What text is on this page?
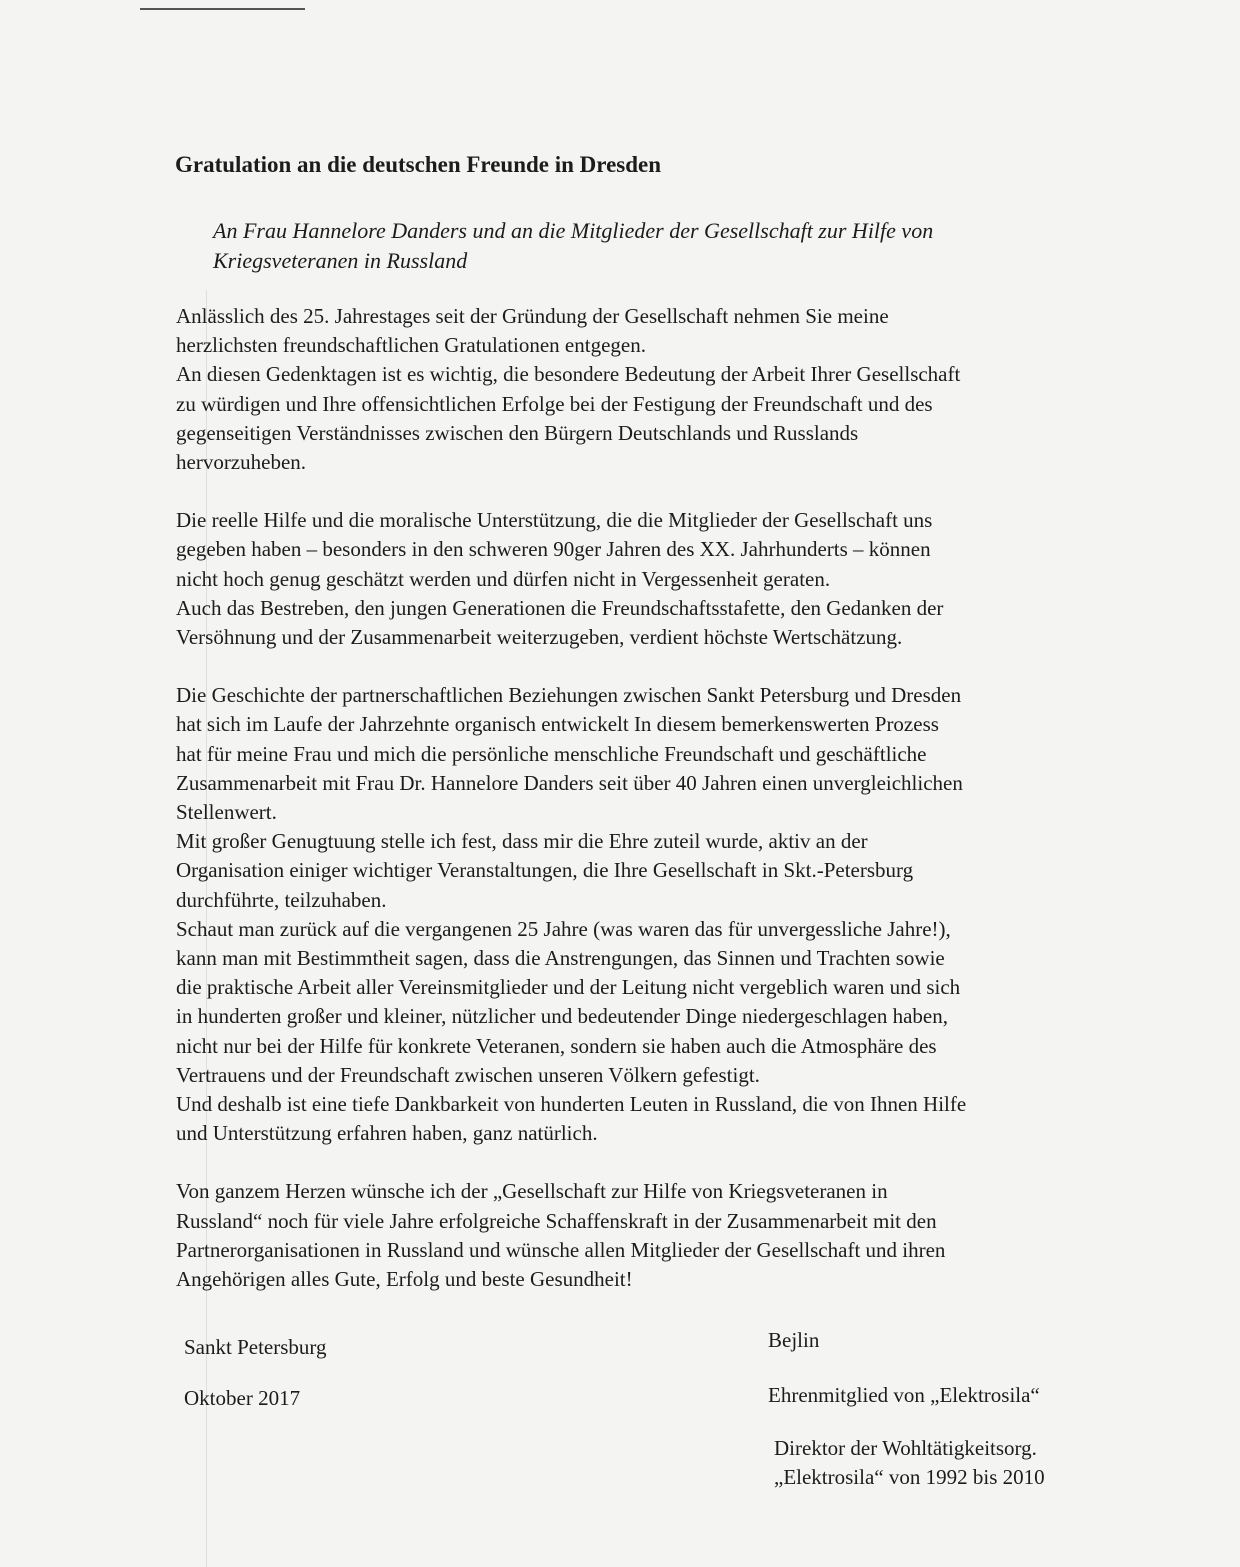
Gratulation an die deutschen Freunde in Dresden
An Frau Hannelore Danders und an die Mitglieder der Gesellschaft zur Hilfe von
Kriegsveteranen in Russland

Anlässlich des 25. Jahrestages seit der Gründung der Gesellschaft nehmen Sie meine
herzlichsten freundschaftlichen Gratulationen entgegen.
An diesen Gedenktagen ist es wichtig, die besondere Bedeutung der Arbeit Ihrer Gesellschaft
zu würdigen und Ihre offensichtlichen Erfolge bei der Festigung der Freundschaft und des
gegenseitigen Verständnisses zwischen den Bürgern Deutschlands und Russlands
hervorzuheben.

Die reelle Hilfe und die moralische Unterstützung, die die Mitglieder der Gesellschaft uns
gegeben haben – besonders in den schweren 90ger Jahren des XX. Jahrhunderts – können
nicht hoch genug geschätzt werden und dürfen nicht in Vergessenheit geraten.
Auch das Bestreben, den jungen Generationen die Freundschaftsstafette, den Gedanken der
Versöhnung und der Zusammenarbeit weiterzugeben, verdient höchste Wertschätzung.

Die Geschichte der partnerschaftlichen Beziehungen zwischen Sankt Petersburg und Dresden
hat sich im Laufe der Jahrzehnte organisch entwickelt In diesem bemerkenswerten Prozess
hat für meine Frau und mich die persönliche menschliche Freundschaft und geschäftliche
Zusammenarbeit mit Frau Dr. Hannelore Danders seit über 40 Jahren einen unvergleichlichen
Stellenwert.
Mit großer Genugtuung stelle ich fest, dass mir die Ehre zuteil wurde, aktiv an der
Organisation einiger wichtiger Veranstaltungen, die Ihre Gesellschaft in Skt.-Petersburg
durchführte, teilzuhaben.
Schaut man zurück auf die vergangenen 25 Jahre (was waren das für unvergessliche Jahre!),
kann man mit Bestimmtheit sagen, dass die Anstrengungen, das Sinnen und Trachten sowie
die praktische Arbeit aller Vereinsmitglieder und der Leitung nicht vergeblich waren und sich
in hunderten großer und kleiner, nützlicher und bedeutender Dinge niedergeschlagen haben,
nicht nur bei der Hilfe für konkrete Veteranen, sondern sie haben auch die Atmosphäre des
Vertrauens und der Freundschaft zwischen unseren Völkern gefestigt.
Und deshalb ist eine tiefe Dankbarkeit von hunderten Leuten in Russland, die von Ihnen Hilfe
und Unterstützung erfahren haben, ganz natürlich.

Von ganzem Herzen wünsche ich der „Gesellschaft zur Hilfe von Kriegsveteranen in
Russland“ noch für viele Jahre erfolgreiche Schaffenskraft in der Zusammenarbeit mit den
Partnerorganisationen in Russland und wünsche allen Mitglieder der Gesellschaft und ihren
Angehörigen alles Gute, Erfolg und beste Gesundheit!

Sankt Petersburg
Oktober 2017
Bejlin
Ehrenmitglied von „Elektrosila“
Direktor der Wohltätigkeitsorg.
„Elektrosila“ von 1992 bis 2010
